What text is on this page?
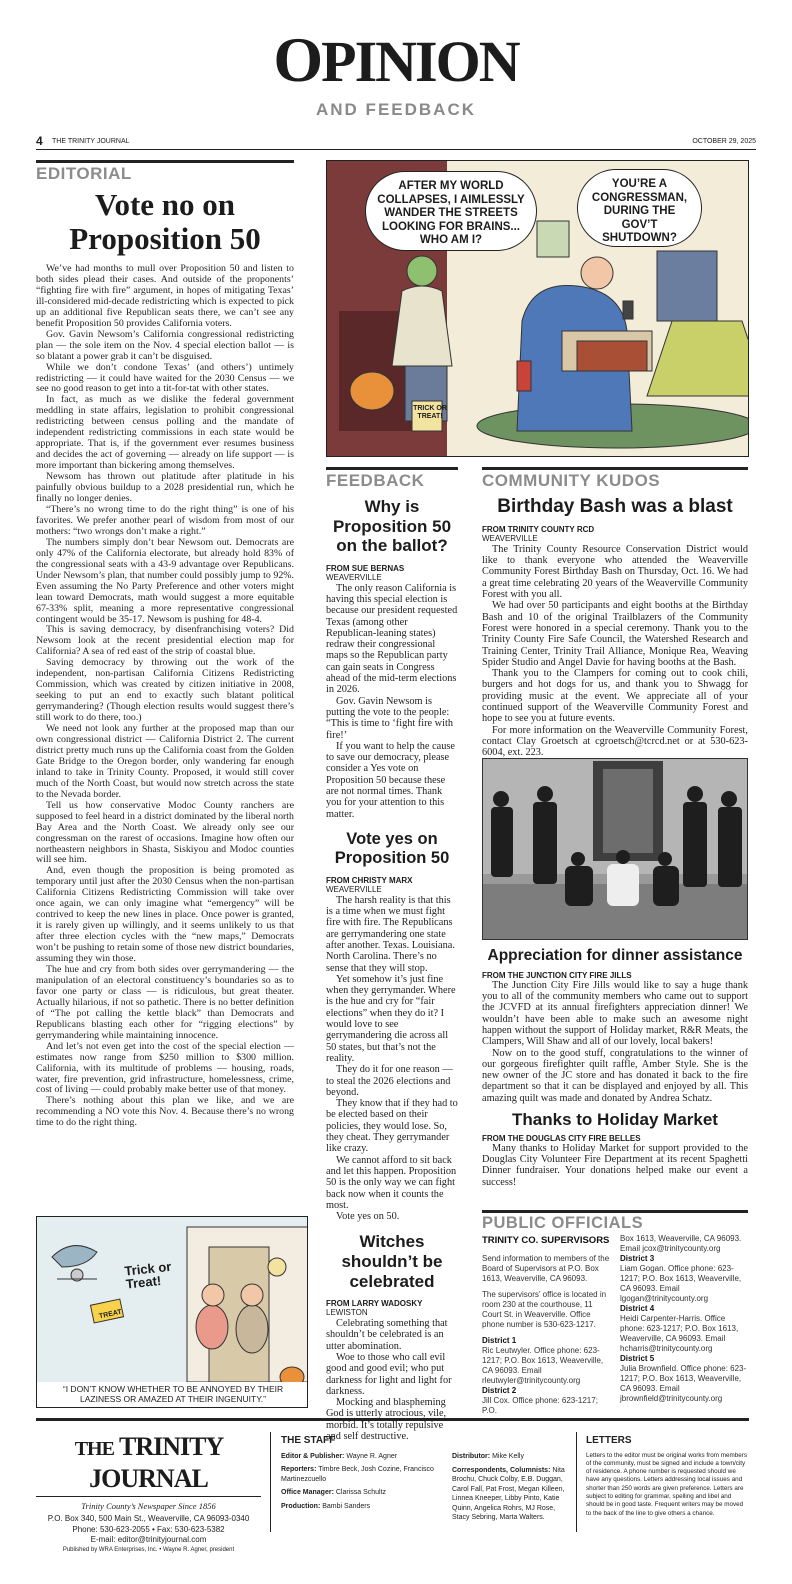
OPINION
AND FEEDBACK
4 THE TRINITY JOURNAL	OCTOBER 29, 2025
EDITORIAL
Vote no on Proposition 50

We’ve had months to mull over Proposition 50 and listen to both sides plead their cases. And outside of the proponents’ “fighting fire with fire” argument, in hopes of mitigating Texas’ ill-considered mid-decade redistricting which is expected to pick up an additional five Republican seats there, we can’t see any benefit Proposition 50 provides California voters.

Gov. Gavin Newsom’s California congressional redistricting plan — the sole item on the Nov. 4 special election ballot — is so blatant a power grab it can’t be disguised.

While we don’t condone Texas’ (and others’) untimely redistricting — it could have waited for the 2030 Census — we see no good reason to get into a tit-for-tat with other states.

In fact, as much as we dislike the federal government meddling in state affairs, legislation to prohibit congressional redistricting between census polling and the mandate of independent redistricting commissions in each state would be appropriate. That is, if the government ever resumes business and decides the act of governing — already on life support — is more important than bickering among themselves.

Newsom has thrown out platitude after platitude in his painfully obvious buildup to a 2028 presidential run, which he finally no longer denies.

“There’s no wrong time to do the right thing” is one of his favorites. We prefer another pearl of wisdom from most of our mothers: “two wrongs don’t make a right.”

The numbers simply don’t bear Newsom out. Democrats are only 47% of the California electorate, but already hold 83% of the congressional seats with a 43-9 advantage over Republicans. Under Newsom’s plan, that number could possibly jump to 92%. Even assuming the No Party Preference and other voters might lean toward Democrats, math would suggest a more equitable 67-33% split, meaning a more representative congressional contingent would be 35-17. Newsom is pushing for 48-4.

This is saving democracy, by disenfranchising voters? Did Newsom look at the recent presidential election map for California? A sea of red east of the strip of coastal blue.

Saving democracy by throwing out the work of the independent, non-partisan California Citizens Redistricting Commission, which was created by citizen initiative in 2008, seeking to put an end to exactly such blatant political gerrymandering? (Though election results would suggest there’s still work to do there, too.)

We need not look any further at the proposed map than our own congressional district — California District 2. The current district pretty much runs up the California coast from the Golden Gate Bridge to the Oregon border, only wandering far enough inland to take in Trinity County. Proposed, it would still cover much of the North Coast, but would now stretch across the state to the Nevada border.

Tell us how conservative Modoc County ranchers are supposed to feel heard in a district dominated by the liberal north Bay Area and the North Coast. We already only see our congressman on the rarest of occasions. Imagine how often our northeastern neighbors in Shasta, Siskiyou and Modoc counties will see him.

And, even though the proposition is being promoted as temporary until just after the 2030 Census when the non-partisan California Citizens Redistricting Commission will take over once again, we can only imagine what “emergency” will be contrived to keep the new lines in place. Once power is granted, it is rarely given up willingly, and it seems unlikely to us that after three election cycles with the “new maps,” Democrats won’t be pushing to retain some of those new district boundaries, assuming they win those.

The hue and cry from both sides over gerrymandering — the manipulation of an electoral constituency’s boundaries so as to favor one party or class — is ridiculous, but great theater. Actually hilarious, if not so pathetic. There is no better definition of “The pot calling the kettle black” than Democrats and Republicans blasting each other for “rigging elections” by gerrymandering while maintaining innocence.

And let’s not even get into the cost of the special election — estimates now range from $250 million to $300 million. California, with its multitude of problems — housing, roads, water, fire prevention, grid infrastructure, homelessness, crime, cost of living — could probably make better use of that money.

There’s nothing about this plan we like, and we are recommending a NO vote this Nov. 4. Because there’s no wrong time to do the right thing.

Trick or Treat!
TREAT
“I DON’T KNOW WHETHER TO BE ANNOYED BY THEIR LAZINESS OR AMAZED AT THEIR INGENUITY.”
AFTER MY WORLD COLLAPSES, I AIMLESSLY WANDER THE STREETS LOOKING FOR BRAINS... WHO AM I?
YOU’RE A CONGRESSMAN, DURING THE GOV’T SHUTDOWN?
TRICK OR TREAT!
FEEDBACK
Why is Proposition 50 on the ballot?
FROM SUE BERNAS
WEAVERVILLE

The only reason California is having this special election is because our president requested Texas (among other Republican-leaning states) redraw their congressional maps so the Republican party can gain seats in Congress ahead of the mid-term elections in 2026.

Gov. Gavin Newsom is putting the vote to the people: “This is time to ‘fight fire with fire!’

If you want to help the cause to save our democracy, please consider a Yes vote on Proposition 50 because these are not normal times. Thank you for your attention to this matter.

Vote yes on Proposition 50
FROM CHRISTY MARX
WEAVERVILLE

The harsh reality is that this is a time when we must fight fire with fire. The Republicans are gerrymandering one state after another. Texas. Louisiana. North Carolina. There’s no sense that they will stop.

Yet somehow it’s just fine when they gerrymander. Where is the hue and cry for “fair elections” when they do it? I would love to see gerrymandering die across all 50 states, but that’s not the reality.

They do it for one reason — to steal the 2026 elections and beyond.

They know that if they had to be elected based on their policies, they would lose. So, they cheat. They gerrymander like crazy.

We cannot afford to sit back and let this happen. Proposition 50 is the only way we can fight back now when it counts the most.

Vote yes on 50.

Witches shouldn’t be celebrated
FROM LARRY WADOSKY
LEWISTON

Celebrating something that shouldn’t be celebrated is an utter abomination.

Woe to those who call evil good and good evil; who put darkness for light and light for darkness.

Mocking and blaspheming God is utterly atrocious, vile, morbid. It’s totally repulsive and self destructive.

COMMUNITY KUDOS
Birthday Bash was a blast
FROM TRINITY COUNTY RCD
WEAVERVILLE

The Trinity County Resource Conservation District would like to thank everyone who attended the Weaverville Community Forest Birthday Bash on Thursday, Oct. 16. We had a great time celebrating 20 years of the Weaverville Community Forest with you all.

We had over 50 participants and eight booths at the Birthday Bash and 10 of the original Trailblazers of the Community Forest were honored in a special ceremony. Thank you to the Trinity County Fire Safe Council, the Watershed Research and Training Center, Trinity Trail Alliance, Monique Rea, Weaving Spider Studio and Angel Davie for having booths at the Bash.

Thank you to the Clampers for coming out to cook chili, burgers and hot dogs for us, and thank you to Shwagg for providing music at the event. We appreciate all of your continued support of the Weaverville Community Forest and hope to see you at future events.

For more information on the Weaverville Community Forest, contact Clay Groetsch at cgroetsch@tcrcd.net or at 530-623-6004, ext. 223.

Appreciation for dinner assistance
FROM THE JUNCTION CITY FIRE JILLS

The Junction City Fire Jills would like to say a huge thank you to all of the community members who came out to support the JCVFD at its annual firefighters appreciation dinner! We wouldn’t have been able to make such an awesome night happen without the support of Holiday market, R&R Meats, the Clampers, Will Shaw and all of our lovely, local bakers!

Now on to the good stuff, congratulations to the winner of our gorgeous firefighter quilt raffle, Amber Style. She is the new owner of the JC store and has donated it back to the fire department so that it can be displayed and enjoyed by all. This amazing quilt was made and donated by Andrea Schatz.

Thanks to Holiday Market
FROM THE DOUGLAS CITY FIRE BELLES

Many thanks to Holiday Market for support provided to the Douglas City Volunteer Fire Department at its recent Spaghetti Dinner fundraiser. Your donations helped make our event a success!

PUBLIC OFFICIALS
TRINITY CO. SUPERVISORS
Send information to members of the Board of Supervisors at P.O. Box 1613, Weaverville, CA 96093.
The supervisors’ office is located in room 230 at the courthouse, 11 Court St. in Weaverville. Office phone number is 530-623-1217.
District 1
Ric Leutwyler. Office phone: 623-1217; P.O. Box 1613, Weaverville, CA 96093. Email rleutwyler@trinitycounty.org
District 2
Jill Cox. Office phone: 623-1217; P.O.
Box 1613, Weaverville, CA 96093. Email jcox@trinitycounty.org
District 3
Liam Gogan. Office phone: 623-1217; P.O. Box 1613, Weaverville, CA 96093. Email lgogan@trinitycounty.org
District 4
Heidi Carpenter-Harris. Office phone: 623-1217; P.O. Box 1613, Weaverville, CA 96093. Email hcharris@trinitycounty.org
District 5
Julia Brownfield. Office phone: 623-1217; P.O. Box 1613, Weaverville, CA 96093. Email jbrownfield@trinitycounty.org
THE TRINITY JOURNAL
Trinity County’s Newspaper Since 1856
P.O. Box 340, 500 Main St., Weaverville, CA 96093-0340
Phone: 530-623-2055 • Fax: 530-623-5382
E-mail: editor@trinityjournal.com
Published by WRA Enterprises, Inc. • Wayne R. Agner, president
THE STAFF
Editor & Publisher: Wayne R. Agner
Reporters: Timbre Beck, Josh Cozine, Francisco Martinezcuello
Office Manager: Clarissa Schultz
Production: Bambi Sanders
Distributor: Mike Kelly
Correspondents, Columnists: Nita Brochu, Chuck Colby, E.B. Duggan, Carol Fall, Pat Frost, Megan Killeen, Linnea Kneeper, Libby Pinto, Katie Quinn, Angelica Rohrs, MJ Rose, Stacy Sebring, Marta Walters.
LETTERS
Letters to the editor must be original works from members of the community, must be signed and include a town/city of residence. A phone number is requested should we have any questions. Letters addressing local issues and shorter than 250 words are given preference. Letters are subject to editing for grammar, spelling and libel and should be in good taste. Frequent writers may be moved to the back of the line to give others a chance.
